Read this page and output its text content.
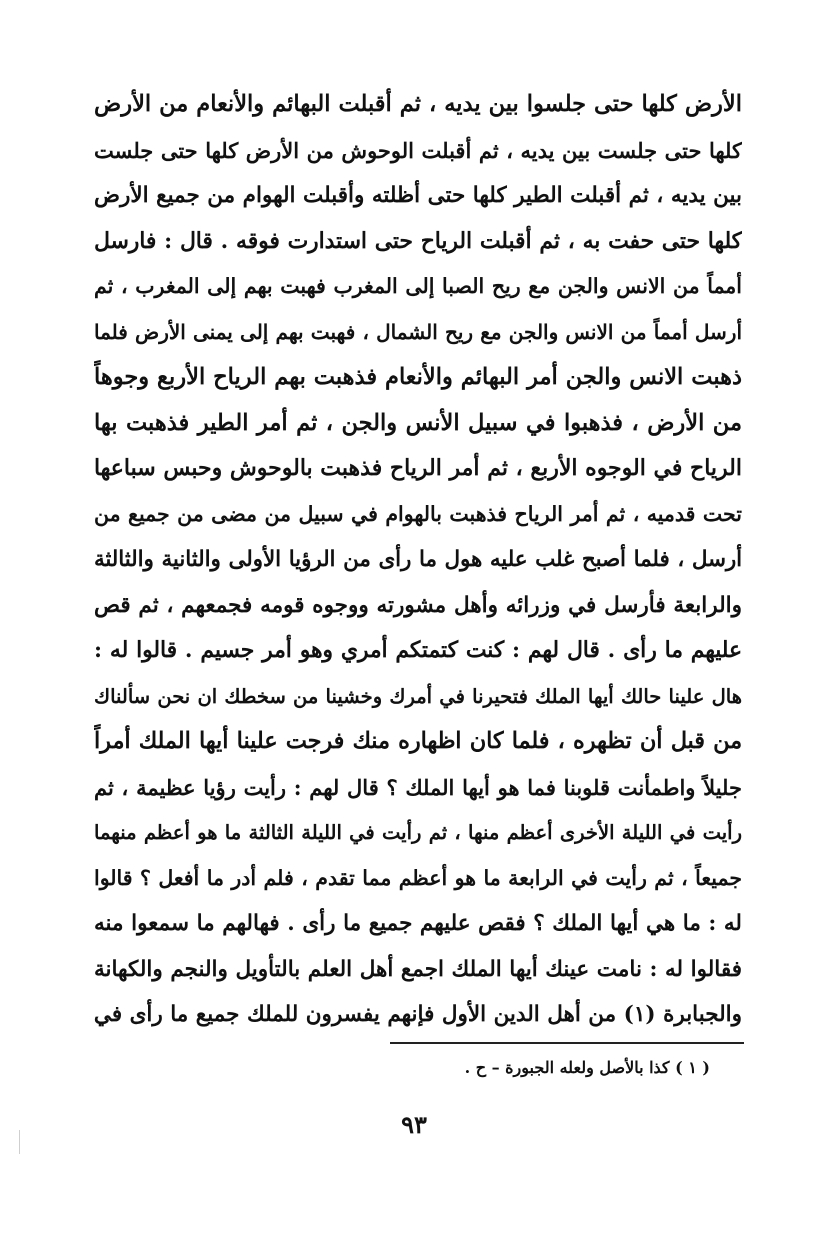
الأرض كلها حتى جلسوا بين يديه ، ثم أقبلت البهائم والأنعام من الأرض
كلها حتى جلست بين يديه ، ثم أقبلت الوحوش من الأرض كلها حتى جلست
بين يديه ، ثم أقبلت الطير كلها حتى أظلته وأقبلت الهوام من جميع الأرض
كلها حتى حفت به ، ثم أقبلت الرياح حتى استدارت فوقه . قال : فارسل
أمماً من الانس والجن مع ريح الصبا إلى المغرب فهبت بهم إلى المغرب ، ثم
أرسل أمماً من الانس والجن مع ريح الشمال ، فهبت بهم إلى يمنى الأرض فلما
ذهبت الانس والجن أمر البهائم والأنعام فذهبت بهم الرياح الأربع وجوهاً
من الأرض ، فذهبوا في سبيل الأنس والجن ، ثم أمر الطير فذهبت بها
الرياح في الوجوه الأربع ، ثم أمر الرياح فذهبت بالوحوش وحبس سباعها
تحت قدميه ، ثم أمر الرياح فذهبت بالهوام في سبيل من مضى من جميع من
أرسل ، فلما أصبح غلب عليه هول ما رأى من الرؤيا الأولى والثانية والثالثة
والرابعة فأرسل في وزرائه وأهل مشورته ووجوه قومه فجمعهم ، ثم قص
عليهم ما رأى . قال لهم : كنت كتمتكم أمري وهو أمر جسيم . قالوا له :
هال علينا حالك أيها الملك فتحيرنا في أمرك وخشينا من سخطك ان نحن سألناك
من قبل أن تظهره ، فلما كان اظهاره منك فرجت علينا أيها الملك أمراً
جليلاً واطمأنت قلوبنا فما هو أيها الملك ؟ قال لهم : رأيت رؤيا عظيمة ، ثم
رأيت في الليلة الأخرى أعظم منها ، ثم رأيت في الليلة الثالثة ما هو أعظم منهما
جميعاً ، ثم رأيت في الرابعة ما هو أعظم مما تقدم ، فلم أدر ما أفعل ؟ قالوا
له : ما هي أيها الملك ؟ فقص عليهم جميع ما رأى . فهالهم ما سمعوا منه
فقالوا له : نامت عينك أيها الملك اجمع أهل العلم بالتأويل والنجم والكهانة
والجبابرة (١) من أهل الدين الأول فإنهم يفسرون للملك جميع ما رأى في
( ١ ) كذا بالأصل ولعله الجبورة – ح .
٩٣
